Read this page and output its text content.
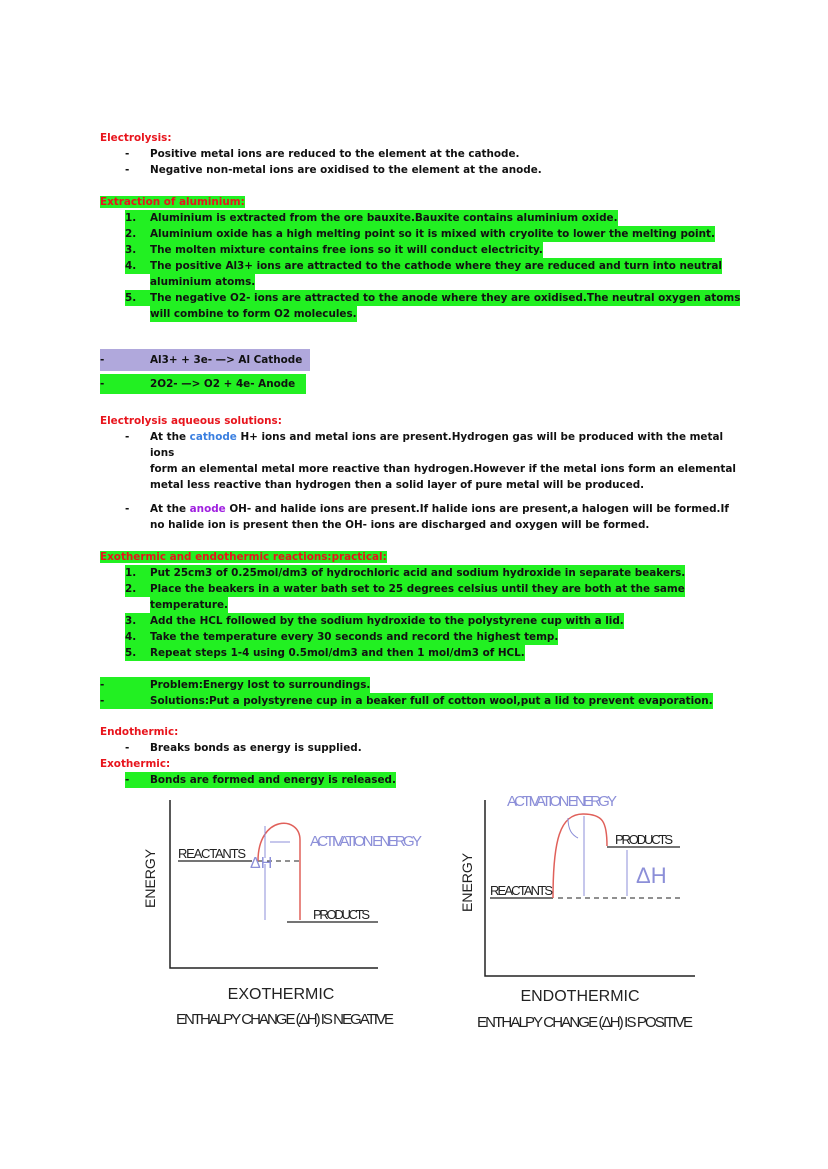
Electrolysis:
-	Positive metal ions are reduced to the element at the cathode.
-	Negative non-metal ions are oxidised to the element at the anode.
Extraction of aluminium:
1.	Aluminium is extracted from the ore bauxite.Bauxite contains aluminium oxide.
2.	Aluminium oxide has a high melting point so it is mixed with cryolite to lower the melting point.
3.	The molten mixture contains free ions so it will conduct electricity.
4.	The positive Al3+ ions are attracted to the cathode where they are reduced and turn into neutral
aluminium atoms.
5.	The negative O2- ions are attracted to the anode where they are oxidised.The neutral oxygen atoms
will combine to form O2 molecules.
-	Al3+ + 3e- —> Al Cathode
-	2O2- —> O2 + 4e- Anode
Electrolysis aqueous solutions:
-	At the cathode H+ ions and metal ions are present.Hydrogen gas will be produced with the metal ions
form an elemental metal more reactive than hydrogen.However if the metal ions form an elemental
metal less reactive than hydrogen then a solid layer of pure metal will be produced.
-	At the anode OH- and halide ions are present.If halide ions are present,a halogen will be formed.If
no halide ion is present then the OH- ions are discharged and oxygen will be formed.
Exothermic and endothermic reactions:practical:
1.	Put 25cm3 of 0.25mol/dm3 of hydrochloric acid and sodium hydroxide in separate beakers.
2.	Place the beakers in a water bath set to 25 degrees celsius until they are both at the same
temperature.
3.	Add the HCL followed by the sodium hydroxide to the polystyrene cup with a lid.
4.	Take the temperature every 30 seconds and record the highest temp.
5.	Repeat steps 1-4 using 0.5mol/dm3 and then 1 mol/dm3 of HCL.
-	Problem:Energy lost to surroundings.
-	Solutions:Put a polystyrene cup in a beaker full of cotton wool,put a lid to prevent evaporation.
Endothermic:
-	Breaks bonds as energy is supplied.
Exothermic:
-	Bonds are formed and energy is released.
ACTIVATION ENERGY
ΔH
REACTANTS
PRODUCTS
ENERGY
EXOTHERMIC
ENTHALPY CHANGE (ΔH) IS NEGATIVE
ACTIVATION ENERGY
ΔH
REACTANTS
PRODUCTS
ENERGY
ENDOTHERMIC
ENTHALPY CHANGE (ΔH) IS POSITIVE
